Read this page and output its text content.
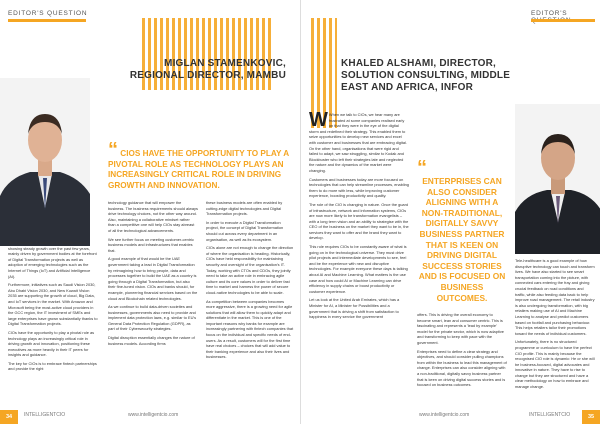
EDITOR'S QUESTION
MIGLAN STAMENKOVIC,
REGIONAL DIRECTOR, MAMBU
“ CIOS HAVE THE OPPORTUNITY TO PLAY A PIVOTAL ROLE AS TECHNOLOGY PLAYS AN INCREASINGLY CRITICAL ROLE IN DRIVING GROWTH AND INNOVATION.
The enterprise IT market in the Middle East is showing steady growth over the past few years, mainly driven by government bodies at the forefront of Digital Transformation projects as well as adoption of emerging technologies such as the Internet of Things (IoT) and Artificial Intelligence (AI).

Furthermore, initiatives such as Saudi Vision 2030, Abu Dhabi Vision 2030, and New Kuwait Vision 2035 are supporting the growth of cloud, Big Data, and IoT services in the market. With Amazon and Microsoft being the most-active cloud providers in the GCC region, the IT investment of SMEs and large enterprises have grown substantially thanks to Digital Transformation projects.

CIOs have the opportunity to play a pivotal role as technology plays an increasingly critical role in driving growth and innovation, positioning these executives as more heavily in their IT peers for insights and guidance.

The key for CIOs is to embrace fintech partnerships and provide the right
technology guidance that will empower the business. The business requirements should always drive technology choices, not the other way around. Also, maintaining a collaborative mindset rather than a competitive one will help CIOs stay abreast of all the technological advancements.

We see further focus on meeting customer-centric business models and infrastructures that enables that.

A good example of that would be the UAE government taking a lead in Digital Transformation by reimagining how to bring people, data and processes together to build the UAE as a country is going through a Digital Transformation, but also their fine-tuned vision. CIOs and banks should, for example, pioneering financial services based on the cloud and Blockchain related technologies.

As we continue to build data-driven societies and businesses, governments also need to provide and implement data protection laws, e.g. similar to EU's General Data Protection Regulation (GDPR), as part of their Cybersecurity strategies.

Digital disruption essentially changes the nature of business models. According firms
these business models are often enabled by cutting-edge digital technologies and Digital Transformation projects.

In order to execute a Digital Transformation project, the concept of Digital Transformation should cut across every department in an organisation, as well as its ecosystem.

CIOs alone are not enough to change the direction of where the organisation is heading. Historically, CIOs have held responsibility for maintaining security and oversight of the organisation's IT. Today, working with CTOs and CDOs, they jointly need to take an active role in embracing agile culture and its core values in order to deliver fast time to market and harness the power of secure cloud-native technologies to be able to scale.

As competition between companies becomes more aggressive, there is a growing need for agile solutions that will allow them to quickly adapt and differentiate in the market. This is one of the important reasons why banks for example are increasingly partnering with fintech companies that focus on the individual and specific needs of end-users. As a result, customers will for the first time have real choices – choices that will add value to their banking experience and also their lives and businesses.
34	INTELLIGENTCIO	www.intelligentcio.com
EDITOR'S
KHALED ALSHAMI, DIRECTOR,
SOLUTION CONSULTING, MIDDLE
EAST AND AFRICA, INFOR
W When we talk to CIOs, we hear many are frustrated at some companies realised early on that they were in the eye of the digital storm and redefined their strategy. This enabled them to seize opportunities to develop new services and excel with customer and businesses that are embracing digital. On the other hand, organisations that were rigid and failed to adapt, we saw struggling, similar to Kodak and Blockbuster who left their strategies late and neglected the nature and the dynamics of the market were changing.

Customers and businesses today are more focused on technologies that can help streamline processes, enabling them to do more with less, while improving customer experience, boosting productivity and quality.

The role of the CIO is changing in nature. Once the guard of infrastructure, network and information systems, CIOs are now more likely to be transformation evangelists – with a long term vision and an ability to strategise with the CEO of the business on the market they want to be in, the services they want to offer and the brand they want to develop.

This role requires CIOs to be constantly aware of what is going on in the technological universe. They must drive pilot projects and intermediate developments to see, feel and be the experience with new and disruptive technologies. For example everyone these days is talking about AI and Machine Learning. What matters is the use case and how could AI or Machine Learning can drive efficiency in supply chains or boost productivity or customer experience.

Let us look at the United Arab Emirates, which has a Minister for AI, a Minister for Possibilities and a government that is driving a shift from satisfaction to happiness in every service the government
“
ENTERPRISES CAN ALSO CONSIDER ALIGNING WITH A NON-TRADITIONAL, DIGITALLY SAVVY BUSINESS PARTNER THAT IS KEEN ON DRIVING DIGITAL SUCCESS STORIES AND IS FOCUSED ON BUSINESS OUTCOMES.
offers. This is driving the overall economy to become smart, lean and consumer centric. This is fascinating and represents a 'lead by example' model for the private sector, which is now adaptive and transforming to keep with pace with the government.

Enterprises need to define a clear strategy and objectives, and should consider pulling champions from within the business to lead this management of change. Enterprises can also consider aligning with a non-traditional, digitally savvy business partner that is keen on driving digital success stories and is focused on business outcomes.
Tele-healthcare is a good example of how disruptive technology can touch and transform lives. We have also started to see smart transportation coming into the picture, with connected cars entering the fray and giving crucial feedback on road conditions and traffic, while also feeding data back to help improve road management. The retail industry is also undergoing transformation, with big retailers making use of AI and Machine Learning to analyse and predict customers based on footfall and purchasing behaviour. This helps retailers tailor their promotions toward the needs of individual customers.

Unfortunately, there is no structured programme or curriculum to have the perfect CIO profile. This is mainly because the recognised CIO role is dynamic: He or she will be business-focused, digital advocates and innovative in nature. They have to rise to change but they are structured and have a clear methodology on how to embrace and manage change.
www.intelligentcio.com	INTELLIGENTCIO	35
